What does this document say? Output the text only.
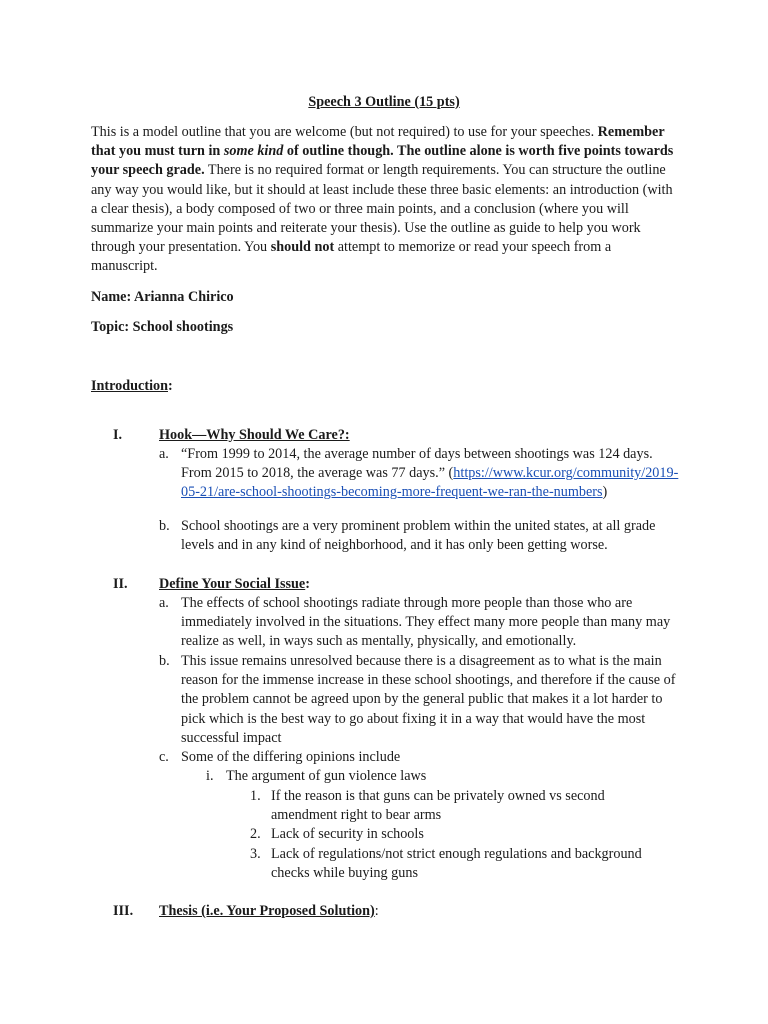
Speech 3 Outline (15 pts)

This is a model outline that you are welcome (but not required) to use for your speeches. Remember that you must turn in some kind of outline though. The outline alone is worth five points towards your speech grade. There is no required format or length requirements. You can structure the outline any way you would like, but it should at least include these three basic elements: an introduction (with a clear thesis), a body composed of two or three main points, and a conclusion (where you will summarize your main points and reiterate your thesis). Use the outline as guide to help you work through your presentation. You should not attempt to memorize or read your speech from a manuscript.

Name: Arianna Chirico
Topic: School shootings
Introduction:
I.	Hook—Why Should We Care?:
a. “From 1999 to 2014, the average number of days between shootings was 124 days. From 2015 to 2018, the average was 77 days.” (https://www.kcur.org/community/2019-05-21/are-school-shootings-becoming-more-frequent-we-ran-the-numbers)
b. School shootings are a very prominent problem within the united states, at all grade levels and in any kind of neighborhood, and it has only been getting worse.
II. Define Your Social Issue:
a. The effects of school shootings radiate through more people than those who are immediately involved in the situations. They effect many more people than many may realize as well, in ways such as mentally, physically, and emotionally.
b. This issue remains unresolved because there is a disagreement as to what is the main reason for the immense increase in these school shootings, and therefore if the cause of the problem cannot be agreed upon by the general public that makes it a lot harder to pick which is the best way to go about fixing it in a way that would have the most successful impact
c. Some of the differing opinions include
i. The argument of gun violence laws
1. If the reason is that guns can be privately owned vs second amendment right to bear arms
2. Lack of security in schools
3. Lack of regulations/not strict enough regulations and background checks while buying guns
III. Thesis (i.e. Your Proposed Solution):
